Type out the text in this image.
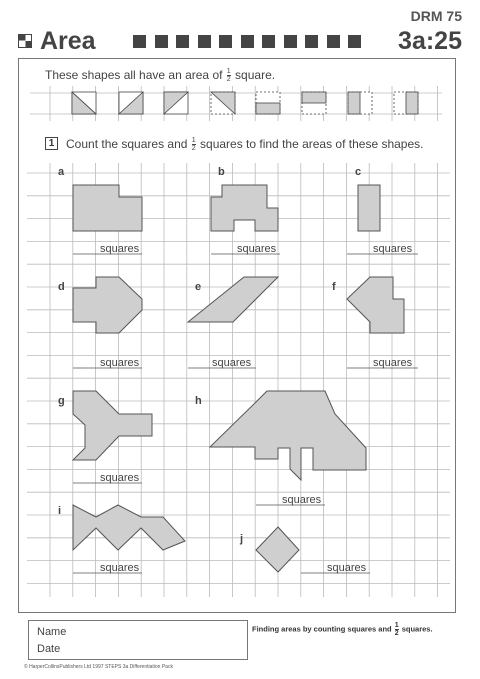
DRM 75
Area	3a:25
These shapes all have an area of $\frac{1}{2}$ square.
1 Count the squares and $\frac{1}{2}$ squares to find the areas of these shapes.
a	b	c
d	e	f
g	h
i
j
squares	squares	squares
squares	squares	squares
squares
squares
squares	squares
Name
Date
Finding areas by counting squares and $\frac{1}{2}$ squares.
© HarperCollinsPublishers Ltd 1997 STEPS 3a Differentiation Pack
